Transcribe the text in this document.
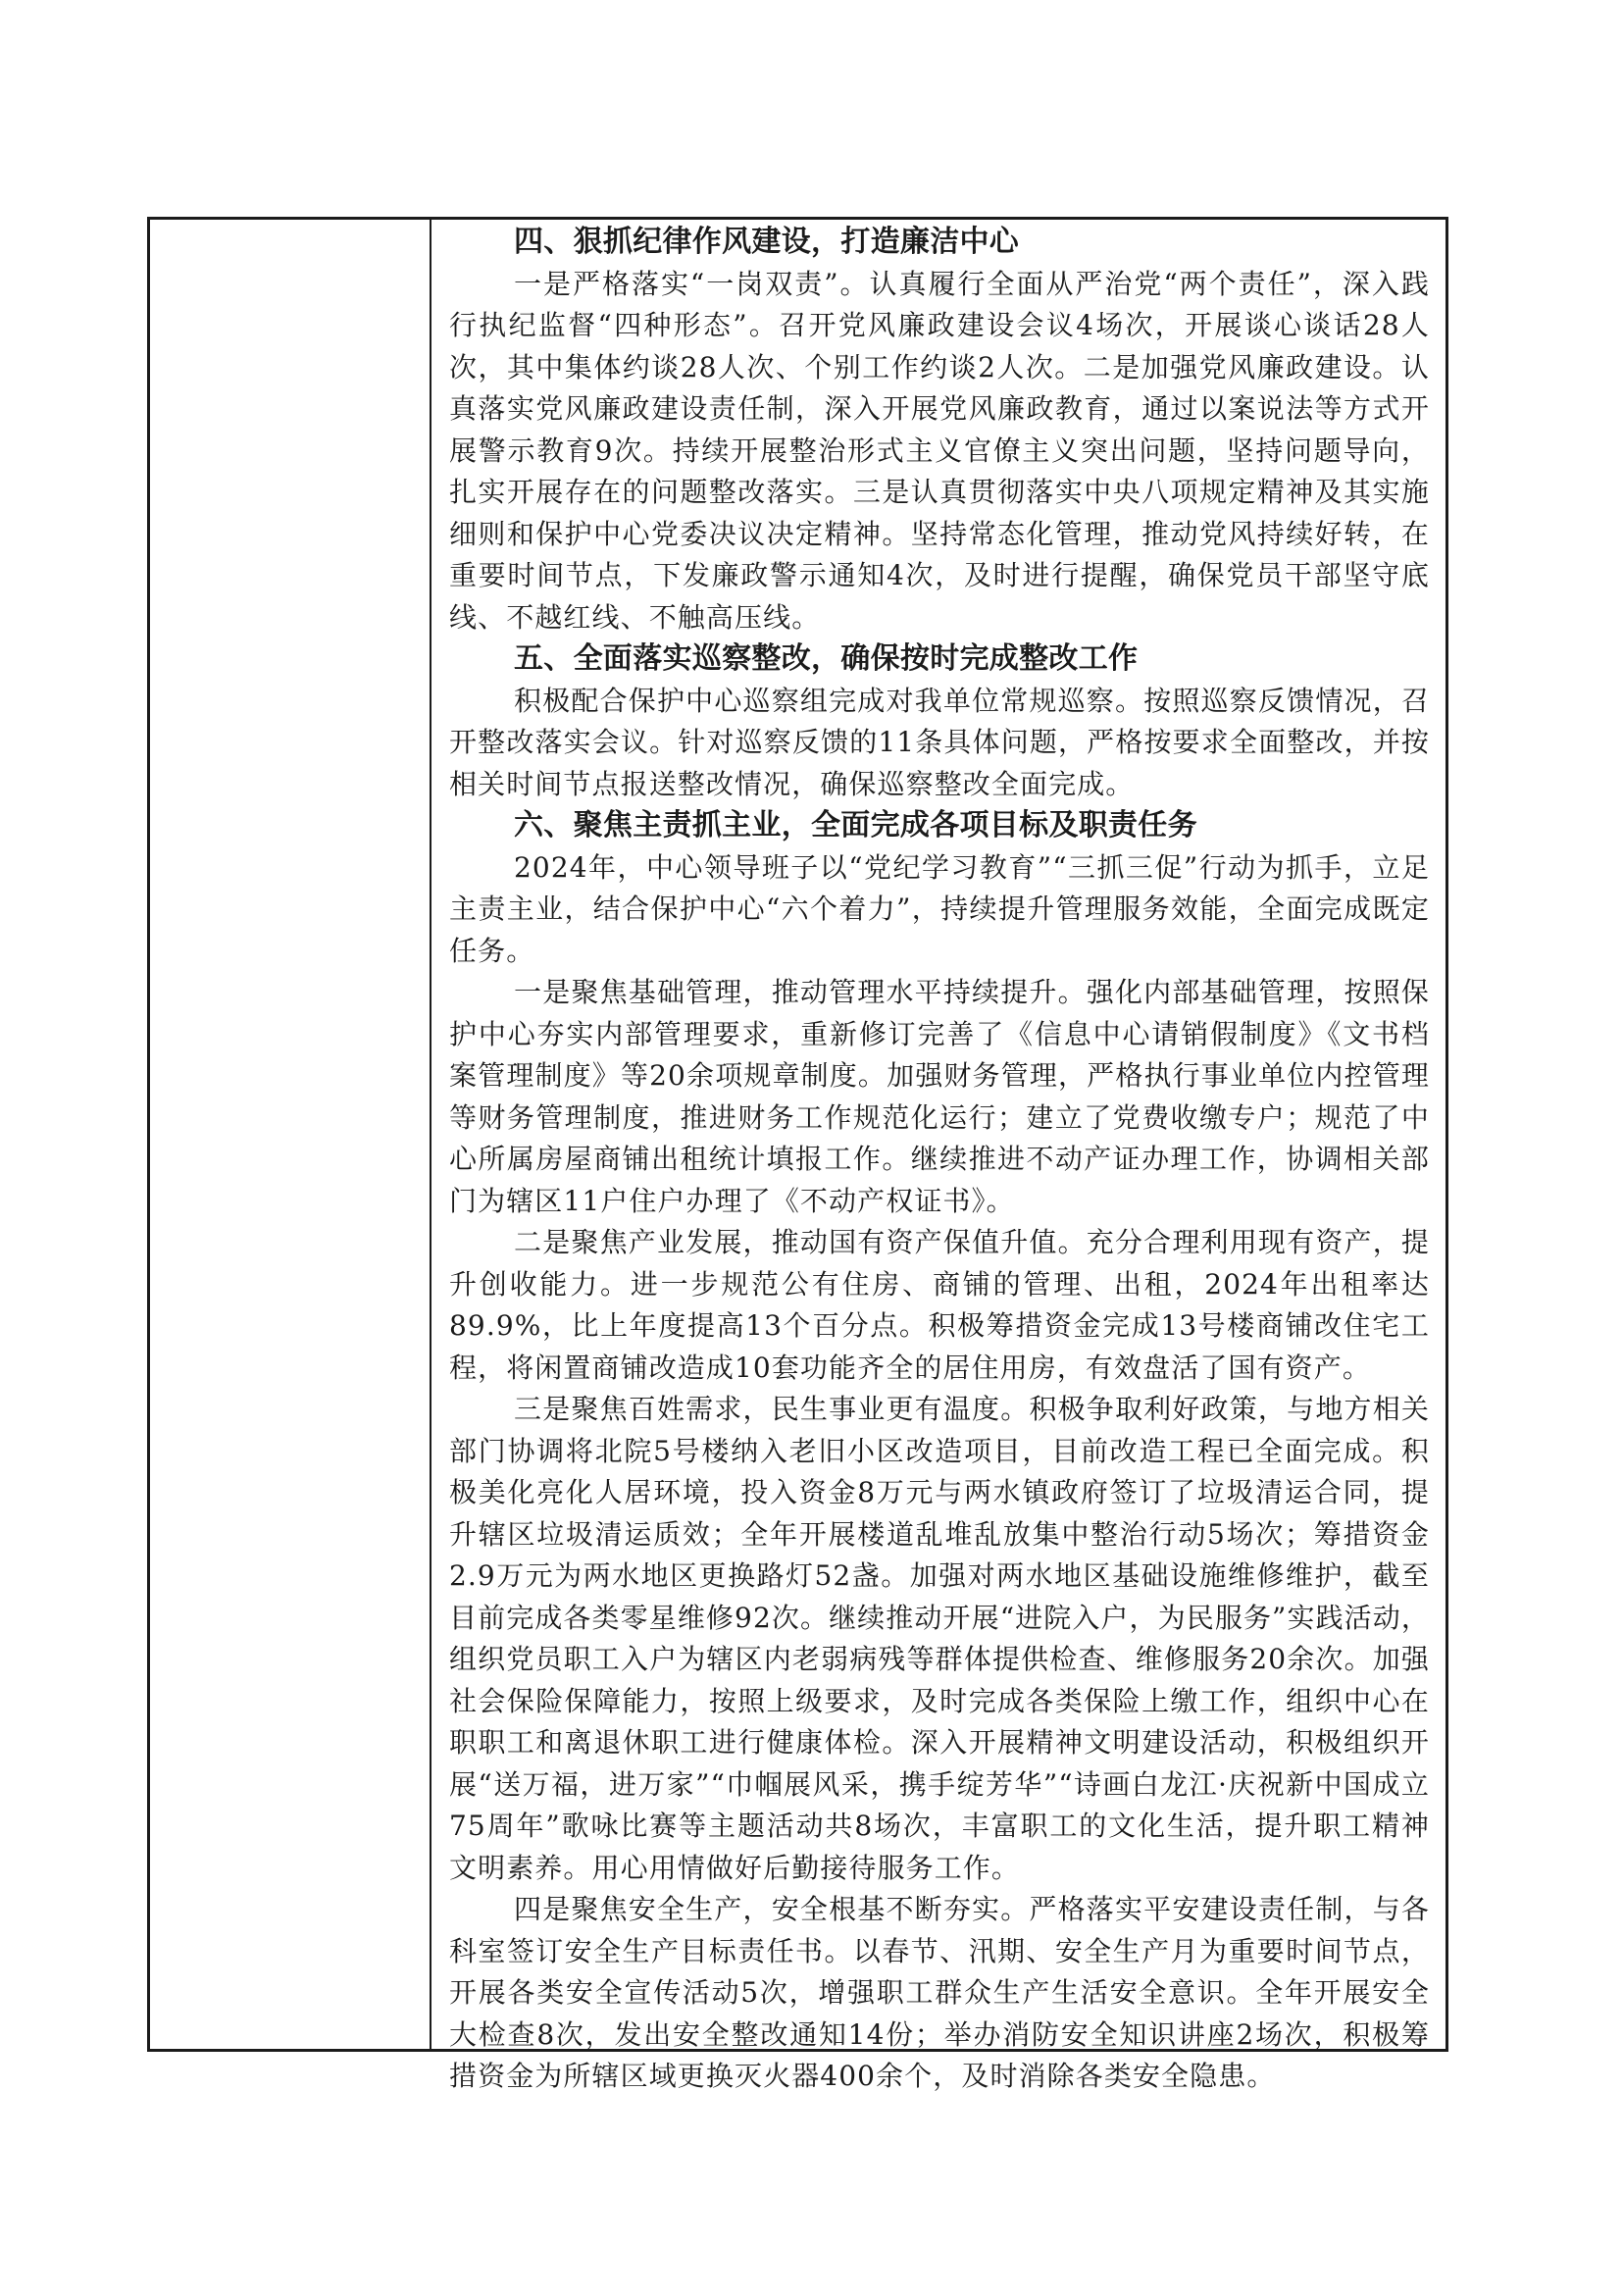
四、狠抓纪律作风建设，打造廉洁中心

一是严格落实“一岗双责”。认真履行全面从严治党“两个责任”，深入践行执纪监督“四种形态”。召开党风廉政建设会议4场次，开展谈心谈话28人次，其中集体约谈28人次、个别工作约谈2人次。二是加强党风廉政建设。认真落实党风廉政建设责任制，深入开展党风廉政教育，通过以案说法等方式开展警示教育9次。持续开展整治形式主义官僚主义突出问题，坚持问题导向，扎实开展存在的问题整改落实。三是认真贯彻落实中央八项规定精神及其实施细则和保护中心党委决议决定精神。坚持常态化管理，推动党风持续好转，在重要时间节点，下发廉政警示通知4次，及时进行提醒，确保党员干部坚守底线、不越红线、不触高压线。

五、全面落实巡察整改，确保按时完成整改工作

积极配合保护中心巡察组完成对我单位常规巡察。按照巡察反馈情况，召开整改落实会议。针对巡察反馈的11条具体问题，严格按要求全面整改，并按相关时间节点报送整改情况，确保巡察整改全面完成。

六、聚焦主责抓主业，全面完成各项目标及职责任务

2024年，中心领导班子以“党纪学习教育”“三抓三促”行动为抓手，立足主责主业，结合保护中心“六个着力”，持续提升管理服务效能，全面完成既定任务。

一是聚焦基础管理，推动管理水平持续提升。强化内部基础管理，按照保护中心夯实内部管理要求，重新修订完善了《信息中心请销假制度》《文书档案管理制度》等20余项规章制度。加强财务管理，严格执行事业单位内控管理等财务管理制度，推进财务工作规范化运行；建立了党费收缴专户；规范了中心所属房屋商铺出租统计填报工作。继续推进不动产证办理工作，协调相关部门为辖区11户住户办理了《不动产权证书》。

二是聚焦产业发展，推动国有资产保值升值。充分合理利用现有资产，提升创收能力。进一步规范公有住房、商铺的管理、出租，2024年出租率达89.9%，比上年度提高13个百分点。积极筹措资金完成13号楼商铺改住宅工程，将闲置商铺改造成10套功能齐全的居住用房，有效盘活了国有资产。

三是聚焦百姓需求，民生事业更有温度。积极争取利好政策，与地方相关部门协调将北院5号楼纳入老旧小区改造项目，目前改造工程已全面完成。积极美化亮化人居环境，投入资金8万元与两水镇政府签订了垃圾清运合同，提升辖区垃圾清运质效；全年开展楼道乱堆乱放集中整治行动5场次；筹措资金2.9万元为两水地区更换路灯52盏。加强对两水地区基础设施维修维护，截至目前完成各类零星维修92次。继续推动开展“进院入户，为民服务”实践活动，组织党员职工入户为辖区内老弱病残等群体提供检查、维修服务20余次。加强社会保险保障能力，按照上级要求，及时完成各类保险上缴工作，组织中心在职职工和离退休职工进行健康体检。深入开展精神文明建设活动，积极组织开展“送万福，进万家”“巾帼展风采，携手绽芳华”“诗画白龙江·庆祝新中国成立75周年”歌咏比赛等主题活动共8场次，丰富职工的文化生活，提升职工精神文明素养。用心用情做好后勤接待服务工作。

四是聚焦安全生产，安全根基不断夯实。严格落实平安建设责任制，与各科室签订安全生产目标责任书。以春节、汛期、安全生产月为重要时间节点，开展各类安全宣传活动5次，增强职工群众生产生活安全意识。全年开展安全大检查8次，发出安全整改通知14份；举办消防安全知识讲座2场次，积极筹措资金为所辖区域更换灭火器400余个，及时消除各类安全隐患。
